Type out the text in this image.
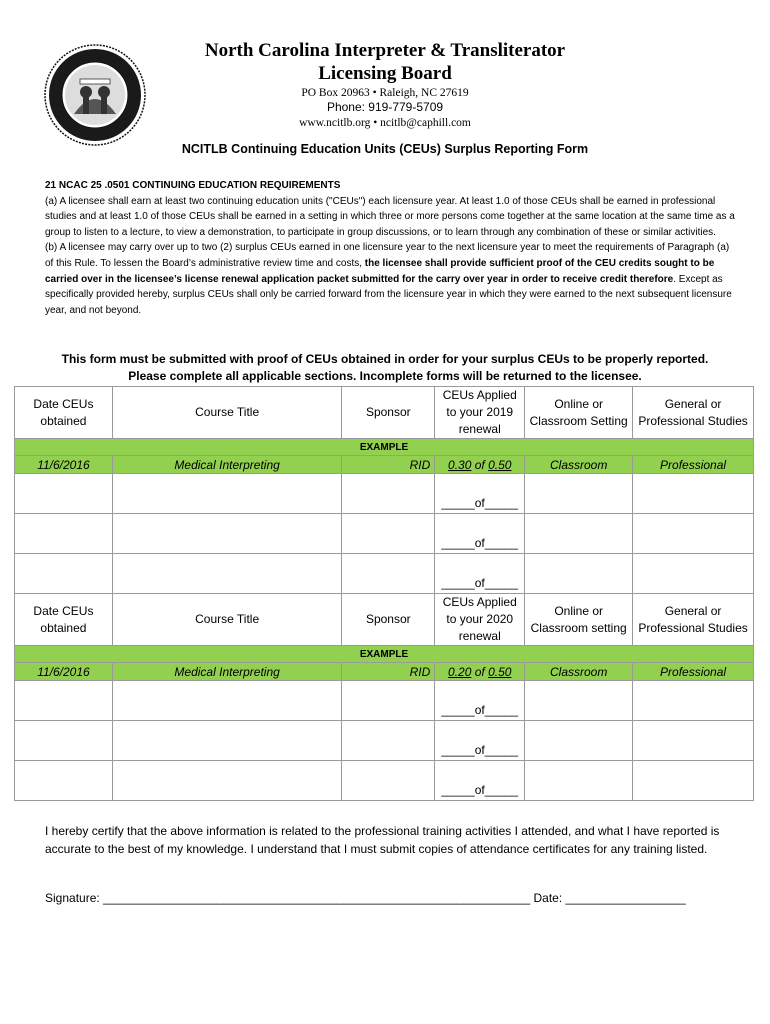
North Carolina Interpreter & Transliterator
Licensing Board
PO Box 20963 • Raleigh, NC 27619
Phone: 919-779-5709
www.ncitlb.org • ncitlb@caphill.com
NCITLB Continuing Education Units (CEUs) Surplus Reporting Form

21 NCAC 25 .0501 CONTINUING EDUCATION REQUIREMENTS

(a) A licensee shall earn at least two continuing education units ("CEUs") each licensure year. At least 1.0 of those CEUs shall be earned in professional studies and at least 1.0 of those CEUs shall be earned in a setting in which three or more persons come together at the same location at the same time as a group to listen to a lecture, to view a demonstration, to participate in group discussions, or to learn through any combination of these or similar activities.

(b) A licensee may carry over up to two (2) surplus CEUs earned in one licensure year to the next licensure year to meet the requirements of Paragraph (a) of this Rule. To lessen the Board’s administrative review time and costs, the licensee shall provide sufficient proof of the CEU credits sought to be carried over in the licensee’s license renewal application packet submitted for the carry over year in order to receive credit therefore. Except as specifically provided hereby, surplus CEUs shall only be carried forward from the licensure year in which they were earned to the next subsequent licensure year, and not beyond.

This form must be submitted with proof of CEUs obtained in order for your surplus CEUs to be properly reported.
Please complete all applicable sections. Incomplete forms will be returned to the licensee.
Date CEUs obtained	Course Title	Sponsor	CEUs Applied to your 2019 renewal	Online or Classroom Setting	General or Professional Studies
EXAMPLE					
11/6/2016	Medical Interpreting	RID	0.30 of 0.50	Classroom	Professional
			_____of_____		
			_____of_____		
			_____of_____		
Date CEUs obtained	Course Title	Sponsor	CEUs Applied to your 2020 renewal	Online or Classroom setting	General or Professional Studies
EXAMPLE					
11/6/2016	Medical Interpreting	RID	0.20 of 0.50	Classroom	Professional
			_____of_____		
			_____of_____		
			_____of_____		
I hereby certify that the above information is related to the professional training activities I attended, and what I have reported is accurate to the best of my knowledge. I understand that I must submit copies of attendance certificates for any training listed.
Signature: ________________________________________________________________ Date: __________________
